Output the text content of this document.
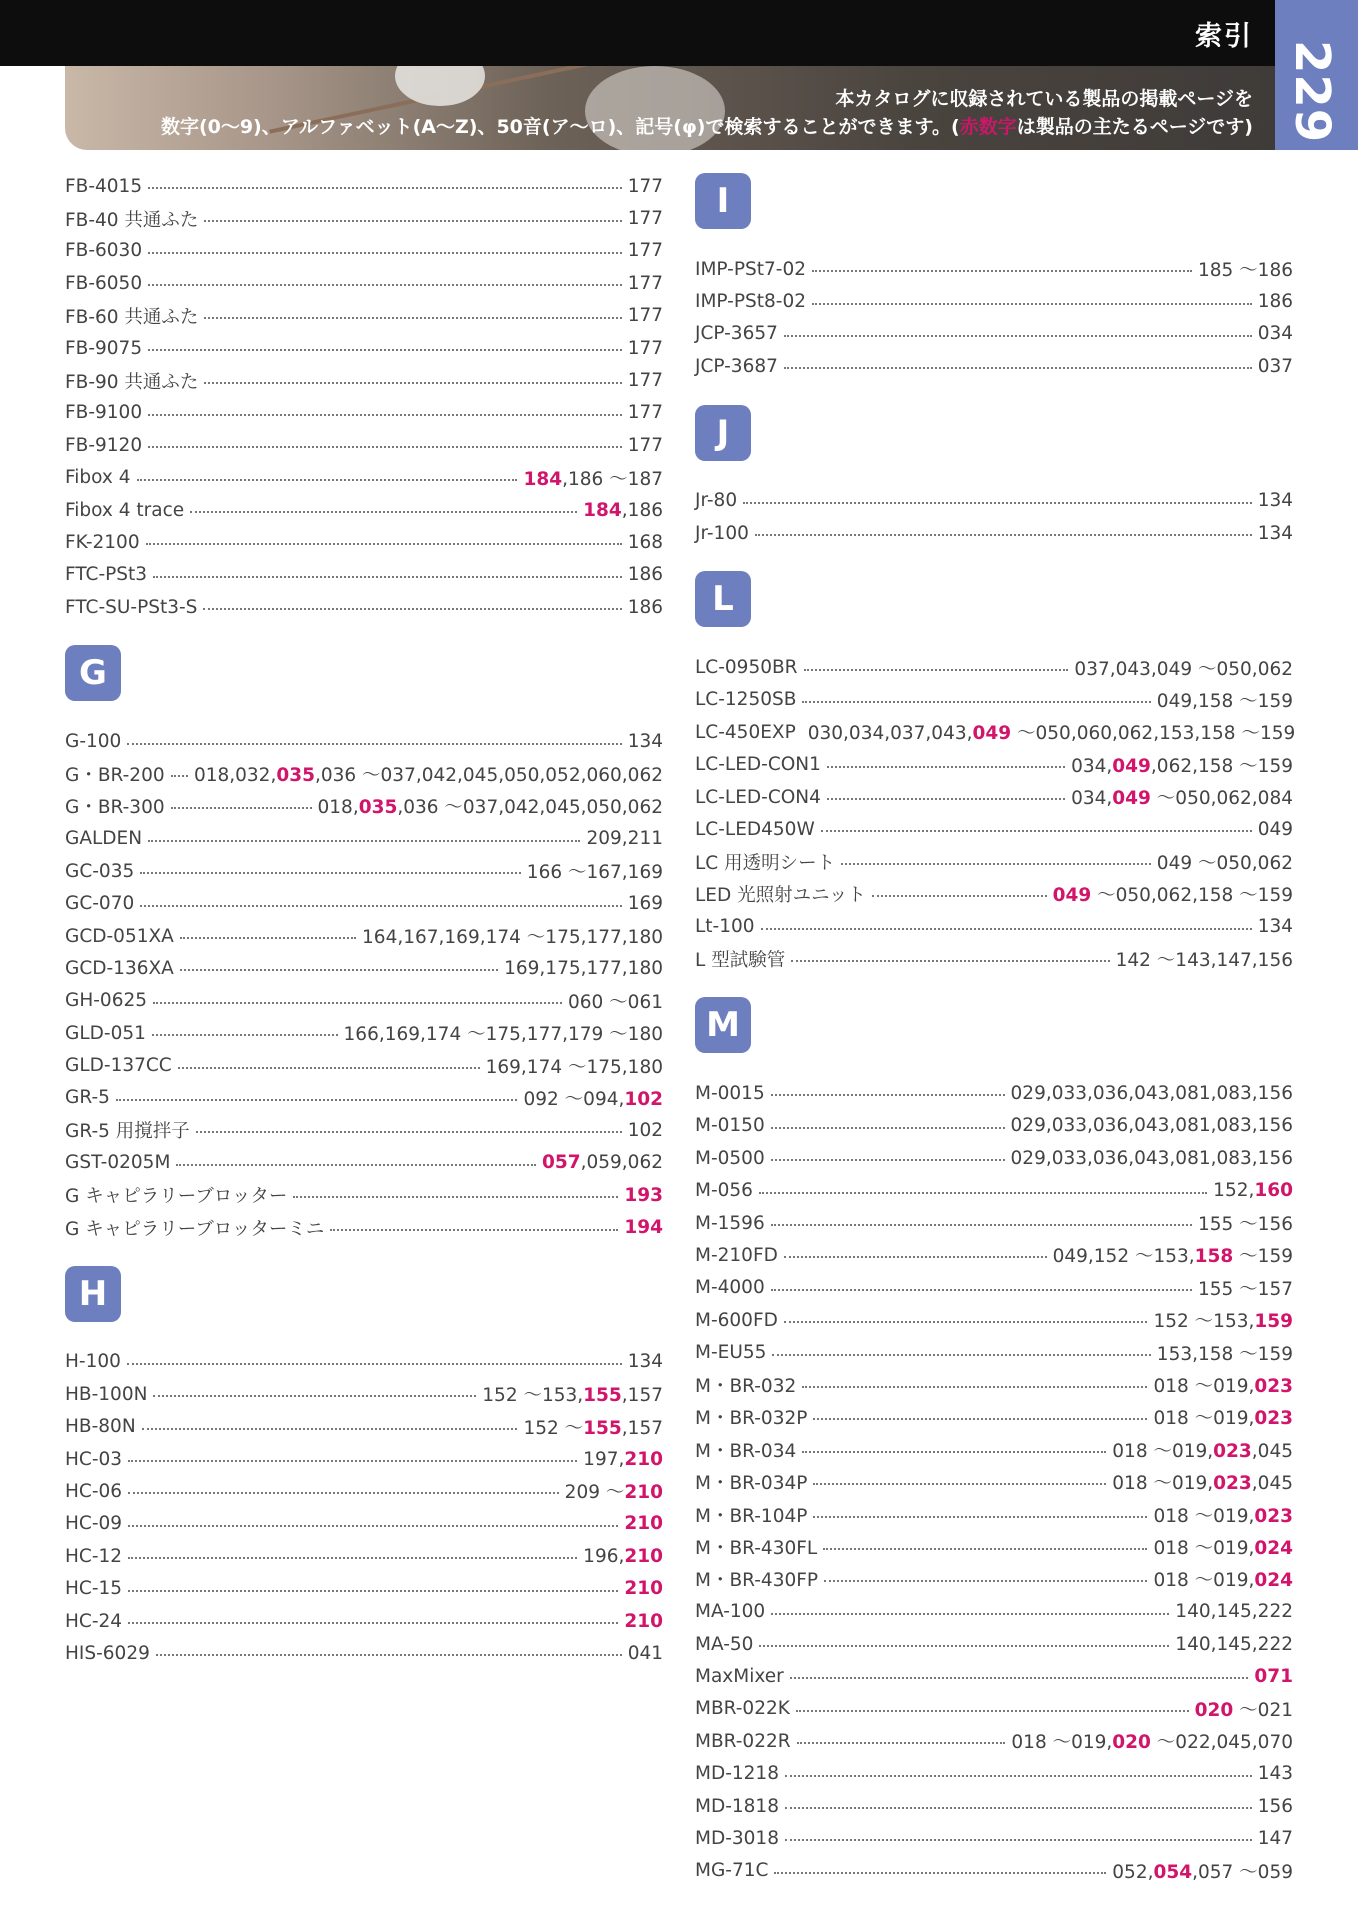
索引
229
本カタログに収録されている製品の掲載ページを
数字(0～9)、アルファベット(A～Z)、50音(ア～ロ)、記号(φ)で検索することができます。(赤数字は製品の主たるページです)
FB-4015	177
FB-40 共通ふた	177
FB-6030	177
FB-6050	177
FB-60 共通ふた	177
FB-9075	177
FB-90 共通ふた	177
FB-9100	177
FB-9120	177
Fibox 4	184,186 ～187
Fibox 4 trace	184,186
FK-2100	168
FTC-PSt3	186
FTC-SU-PSt3-S	186
G
G-100	134
G・BR-200 018,032,035,036 ～037,042,045,050,052,060,062
G・BR-300	018,035,036 ～037,042,045,050,062
GALDEN	209,211
GC-035	166 ～167,169
GC-070	169
GCD-051XA	164,167,169,174 ～175,177,180
GCD-136XA	169,175,177,180
GH-0625	060 ～061
GLD-051	166,169,174 ～175,177,179 ～180
GLD-137CC	169,174 ～175,180
GR-5	092 ～094,102
GR-5 用撹拌子	102
GST-0205M	057,059,062
G キャピラリーブロッター	193
G キャピラリーブロッターミニ	194
H
H-100	134
HB-100N	152 ～153,155,157
HB-80N	152 ～155,157
HC-03	197,210
HC-06	209 ～210
HC-09	210
HC-12	196,210
HC-15	210
HC-24	210
HIS-6029	041
I
IMP-PSt7-02	185 ～186
IMP-PSt8-02	186
JCP-3657	034
JCP-3687	037
J
Jr-80	134
Jr-100	134
L
LC-0950BR	037,043,049 ～050,062
LC-1250SB	049,158 ～159
LC-450EXP 030,034,037,043,049 ～050,060,062,153,158 ～159
LC-LED-CON1	034,049,062,158 ～159
LC-LED-CON4	034,049 ～050,062,084
LC-LED450W	049
LC 用透明シート	049 ～050,062
LED 光照射ユニット	049 ～050,062,158 ～159
Lt-100	134
L 型試験管	142 ～143,147,156
M
M-0015	029,033,036,043,081,083,156
M-0150	029,033,036,043,081,083,156
M-0500	029,033,036,043,081,083,156
M-056	152,160
M-1596	155 ～156
M-210FD	049,152 ～153,158 ～159
M-4000	155 ～157
M-600FD	152 ～153,159
M-EU55	153,158 ～159
M・BR-032	018 ～019,023
M・BR-032P	018 ～019,023
M・BR-034	018 ～019,023,045
M・BR-034P	018 ～019,023,045
M・BR-104P	018 ～019,023
M・BR-430FL	018 ～019,024
M・BR-430FP	018 ～019,024
MA-100	140,145,222
MA-50	140,145,222
MaxMixer	071
MBR-022K	020 ～021
MBR-022R	018 ～019,020 ～022,045,070
MD-1218	143
MD-1818	156
MD-3018	147
MG-71C	052,054,057 ～059
